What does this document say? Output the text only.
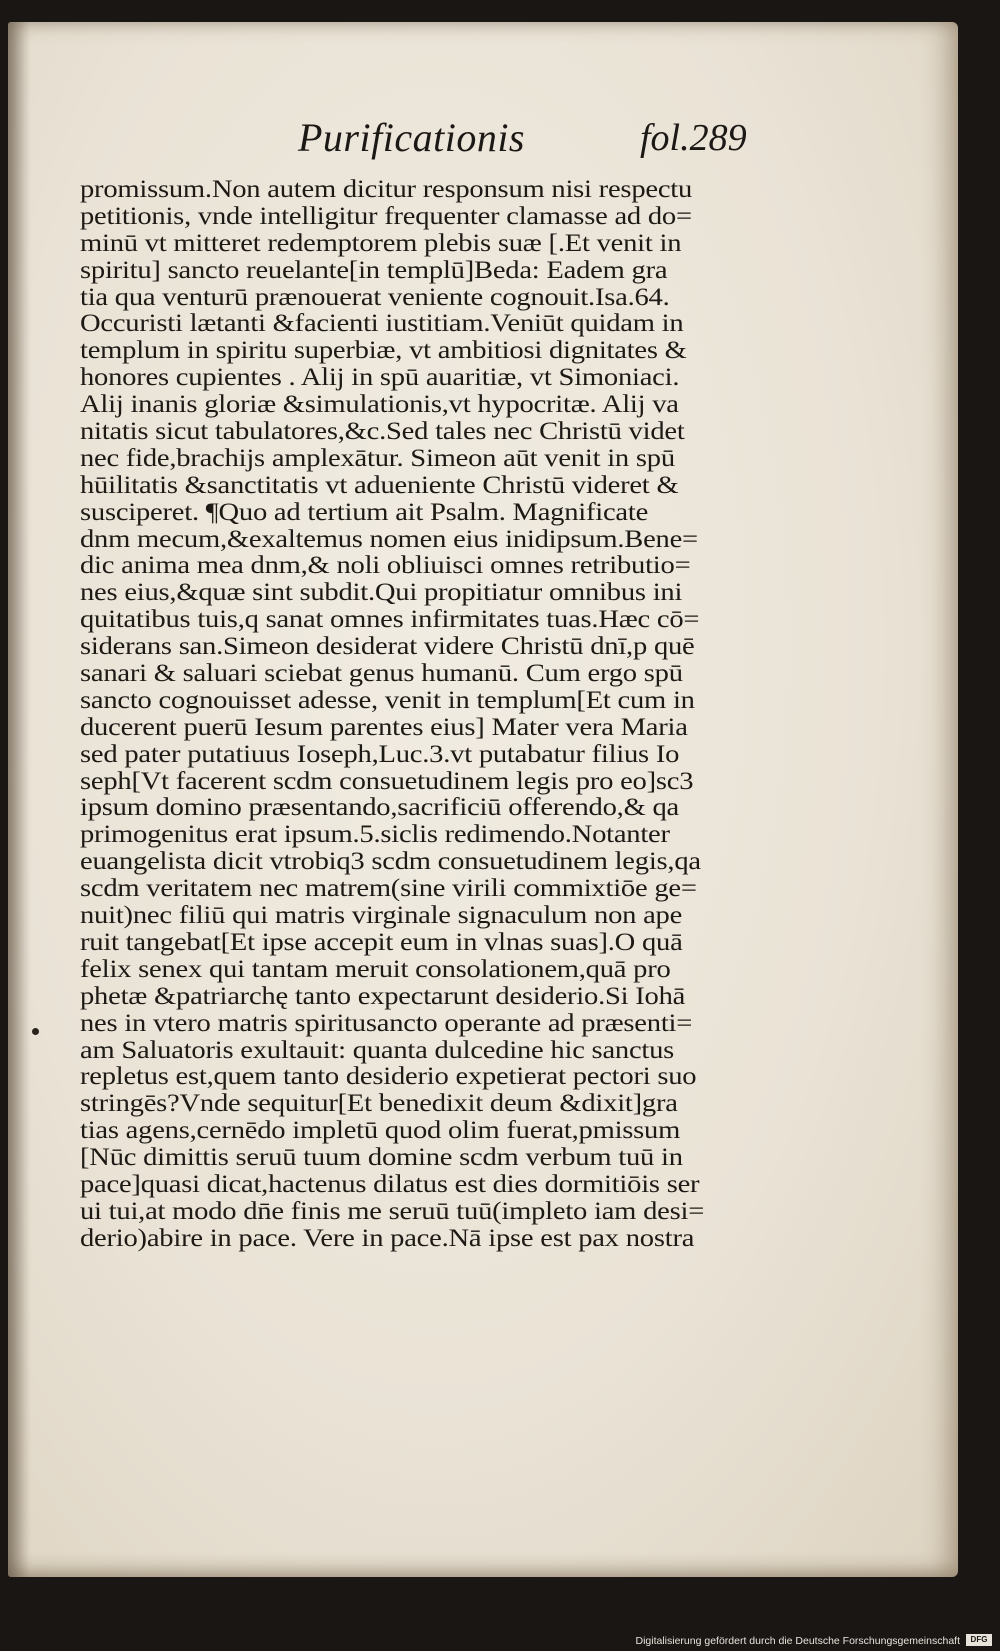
Purificationis	fol.289
promissum.Non autem dicitur responsum nisi respectu
petitionis, vnde intelligitur frequenter clamasse ad do=
minū vt mitteret redemptorem plebis suæ [.Et venit in
spiritu] sancto reuelante[in templū]Beda: Eadem gra
tia qua venturū prænouerat veniente cognouit.Isa.64.
Occuristi lætanti &facienti iustitiam.Veniūt quidam in
templum in spiritu superbiæ, vt ambitiosi dignitates &
honores cupientes . Alij in spū auaritiæ, vt Simoniaci.
Alij inanis gloriæ &simulationis,vt hypocritæ. Alij va
nitatis sicut tabulatores,&c.Sed tales nec Christū videt
nec fide,brachijs amplexātur. Simeon aūt venit in spū
hūilitatis &sanctitatis vt adueniente Christū videret &
susciperet. ¶Quo ad tertium ait Psalm. Magnificate
dnm mecum,&exaltemus nomen eius inidipsum.Bene=
dic anima mea dnm,& noli obliuisci omnes retributio=
nes eius,&quæ sint subdit.Qui propitiatur omnibus ini
quitatibus tuis,q sanat omnes infirmitates tuas.Hæc cō=
siderans san.Simeon desiderat videre Christū dnī,p quē
sanari & saluari sciebat genus humanū. Cum ergo spū
sancto cognouisset adesse, venit in templum[Et cum in
ducerent puerū Iesum parentes eius] Mater vera Maria
sed pater putatiuus Ioseph,Luc.3.vt putabatur filius Io
seph[Vt facerent scdm consuetudinem legis pro eo]sc3
ipsum domino præsentando,sacrificiū offerendo,& qa
primogenitus erat ipsum.5.siclis redimendo.Notanter
euangelista dicit vtrobiq3 scdm consuetudinem legis,qa
scdm veritatem nec matrem(sine virili commixtiōe ge=
nuit)nec filiū qui matris virginale signaculum non ape
ruit tangebat[Et ipse accepit eum in vlnas suas].O quā
felix senex qui tantam meruit consolationem,quā pro
phetæ &patriarchę tanto expectarunt desiderio.Si Iohā
nes in vtero matris spiritusancto operante ad præsenti=
am Saluatoris exultauit: quanta dulcedine hic sanctus
repletus est,quem tanto desiderio expetierat pectori suo
stringēs?Vnde sequitur[Et benedixit deum &dixit]gra
tias agens,cernēdo impletū quod olim fuerat,pmissum
[Nūc dimittis seruū tuum domine scdm verbum tuū in
pace]quasi dicat,hactenus dilatus est dies dormitiōis ser
ui tui,at modo dn̄e finis me seruū tuū(impleto iam desi=
derio)abire in pace. Vere in pace.Nā ipse est pax nostra
Digitalisierung gefördert durch die Deutsche Forschungsgemeinschaft	DFG
